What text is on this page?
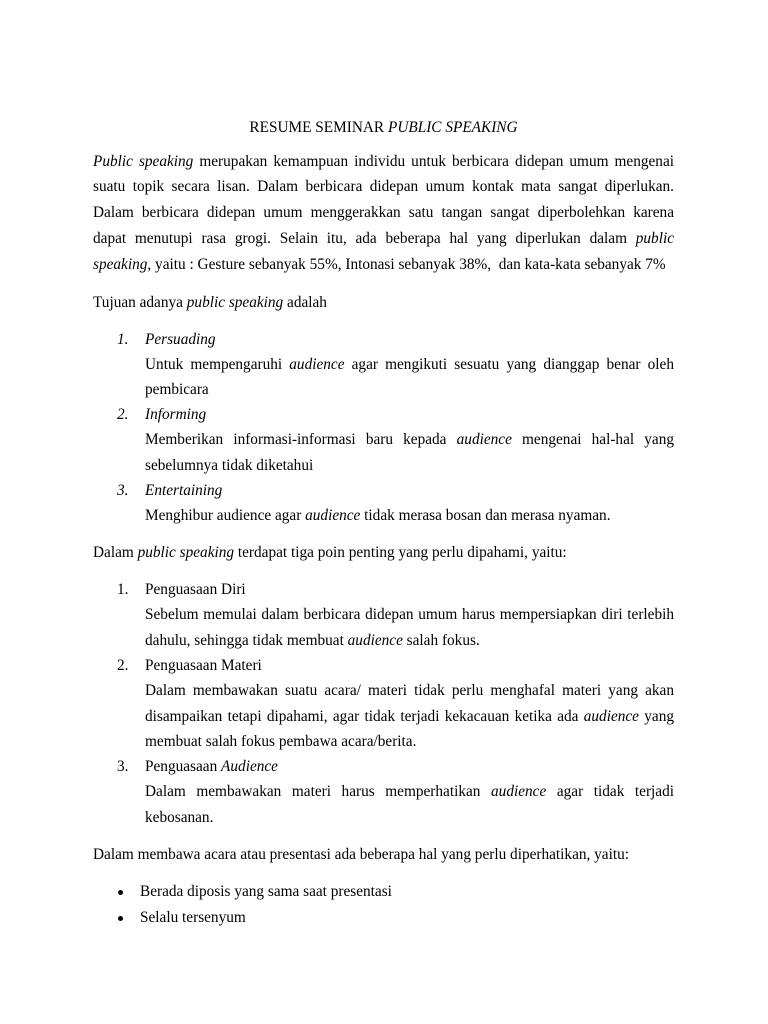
RESUME SEMINAR PUBLIC SPEAKING
Public speaking merupakan kemampuan individu untuk berbicara didepan umum mengenai
suatu topik secara lisan. Dalam berbicara didepan umum kontak mata sangat diperlukan.
Dalam berbicara didepan umum menggerakkan satu tangan sangat diperbolehkan karena
dapat menutupi rasa grogi. Selain itu, ada beberapa hal yang diperlukan dalam public
speaking, yaitu : Gesture sebanyak 55%, Intonasi sebanyak 38%,  dan kata-kata sebanyak 7%
Tujuan adanya public speaking adalah
1. Persuading
Untuk mempengaruhi audience agar mengikuti sesuatu yang dianggap benar oleh
pembicara
2. Informing
Memberikan informasi-informasi baru kepada audience mengenai hal-hal yang
sebelumnya tidak diketahui
3. Entertaining
Menghibur audience agar audience tidak merasa bosan dan merasa nyaman.
Dalam public speaking terdapat tiga poin penting yang perlu dipahami, yaitu:
1. Penguasaan Diri
Sebelum memulai dalam berbicara didepan umum harus mempersiapkan diri terlebih
dahulu, sehingga tidak membuat audience salah fokus.
2. Penguasaan Materi
Dalam membawakan suatu acara/ materi tidak perlu menghafal materi yang akan
disampaikan tetapi dipahami, agar tidak terjadi kekacauan ketika ada audience yang
membuat salah fokus pembawa acara/berita.
3. Penguasaan Audience
Dalam membawakan materi harus memperhatikan audience agar tidak terjadi
kebosanan.
Dalam membawa acara atau presentasi ada beberapa hal yang perlu diperhatikan, yaitu:
Berada diposis yang sama saat presentasi
Selalu tersenyum
